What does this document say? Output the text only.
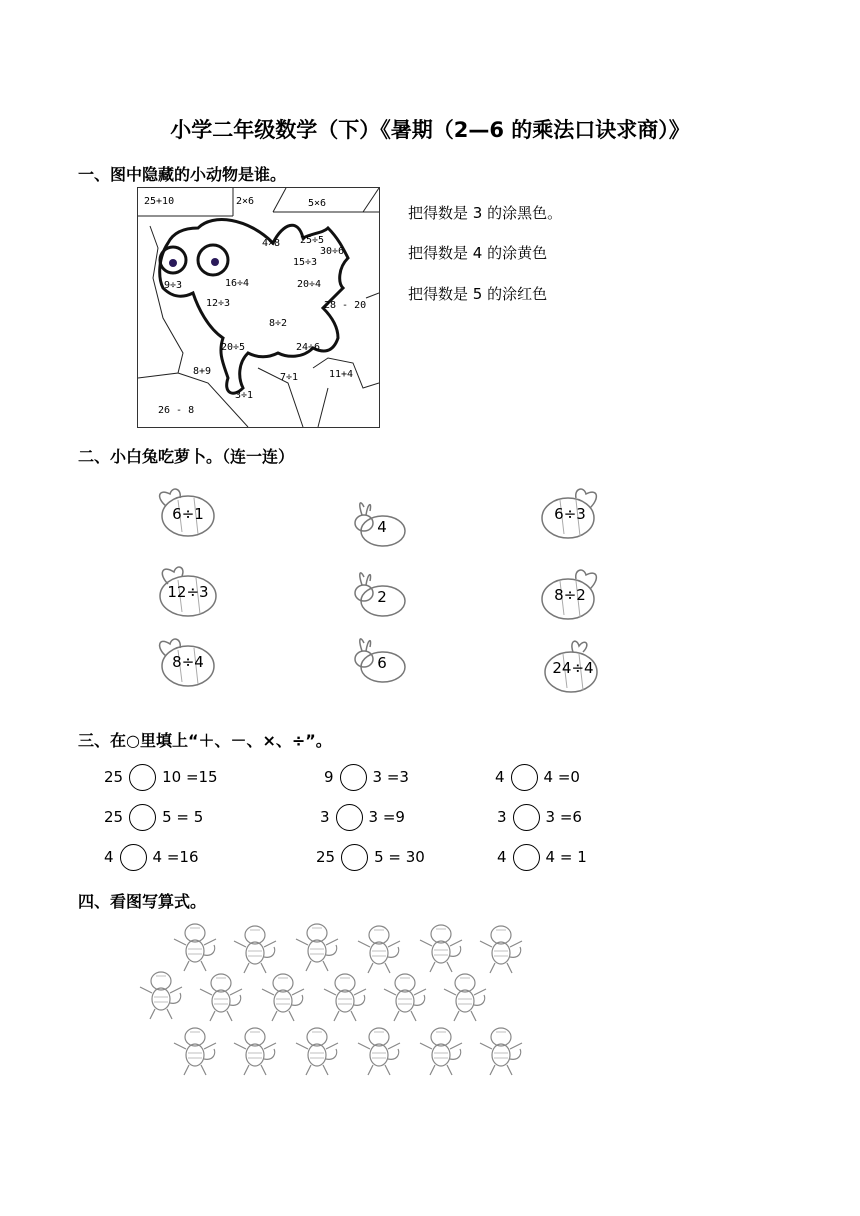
小学二年级数学（下）《暑期（2—6 的乘法口诀求商）》
一、图中隐藏的小动物是谁。
25+10	2×6	5×6
4×8 25÷5
30÷6
15÷3
16÷4
9÷3
12÷3
20÷4
28 - 20
8÷2
20÷5	24÷6
8+9
7÷1	11+4
3÷1
26 - 8
把得数是 3 的涂黑色。
把得数是 4 的涂黄色
把得数是 5 的涂红色
二、小白兔吃萝卜。（连一连）
6÷1
12÷3
8÷4
4
2
6
6÷3
8÷2
24÷4
三、在○里填上“＋、－、×、÷”。
25	10 =15	9	3 =3	4	4 =0
25	5 = 5	3	3 =9	3	3 =6
4	4 =16	25	5 = 30	4	4 = 1
四、看图写算式。
